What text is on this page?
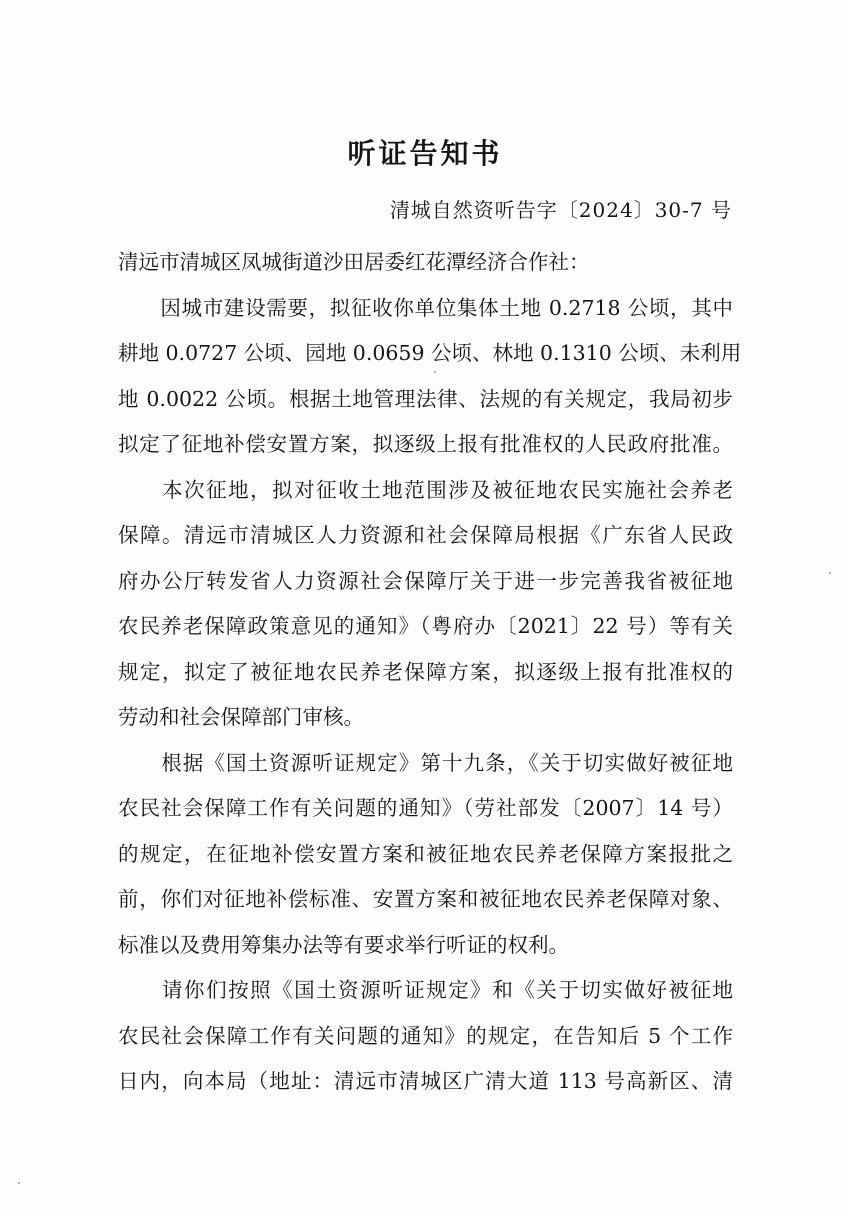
听证告知书
清城自然资听告字〔2024〕30-7 号
清远市清城区凤城街道沙田居委红花潭经济合作社：
　　因城市建设需要，拟征收你单位集体土地 0.2718 公顷，其中
耕地 0.0727 公顷、园地 0.0659 公顷、林地 0.1310 公顷、未利用
地 0.0022 公顷。根据土地管理法律、法规的有关规定，我局初步
拟定了征地补偿安置方案，拟逐级上报有批准权的人民政府批准。
　　本次征地，拟对征收土地范围涉及被征地农民实施社会养老
保障。清远市清城区人力资源和社会保障局根据《广东省人民政
府办公厅转发省人力资源社会保障厅关于进一步完善我省被征地
农民养老保障政策意见的通知》（粤府办〔2021〕22 号）等有关
规定，拟定了被征地农民养老保障方案，拟逐级上报有批准权的
劳动和社会保障部门审核。
　　根据《国土资源听证规定》第十九条，《关于切实做好被征地
农民社会保障工作有关问题的通知》（劳社部发〔2007〕14 号）
的规定，在征地补偿安置方案和被征地农民养老保障方案报批之
前，你们对征地补偿标准、安置方案和被征地农民养老保障对象、
标准以及费用筹集办法等有要求举行听证的权利。
　　请你们按照《国土资源听证规定》和《关于切实做好被征地
农民社会保障工作有关问题的通知》的规定，在告知后 5 个工作
日内，向本局（地址：清远市清城区广清大道 113 号高新区、清
